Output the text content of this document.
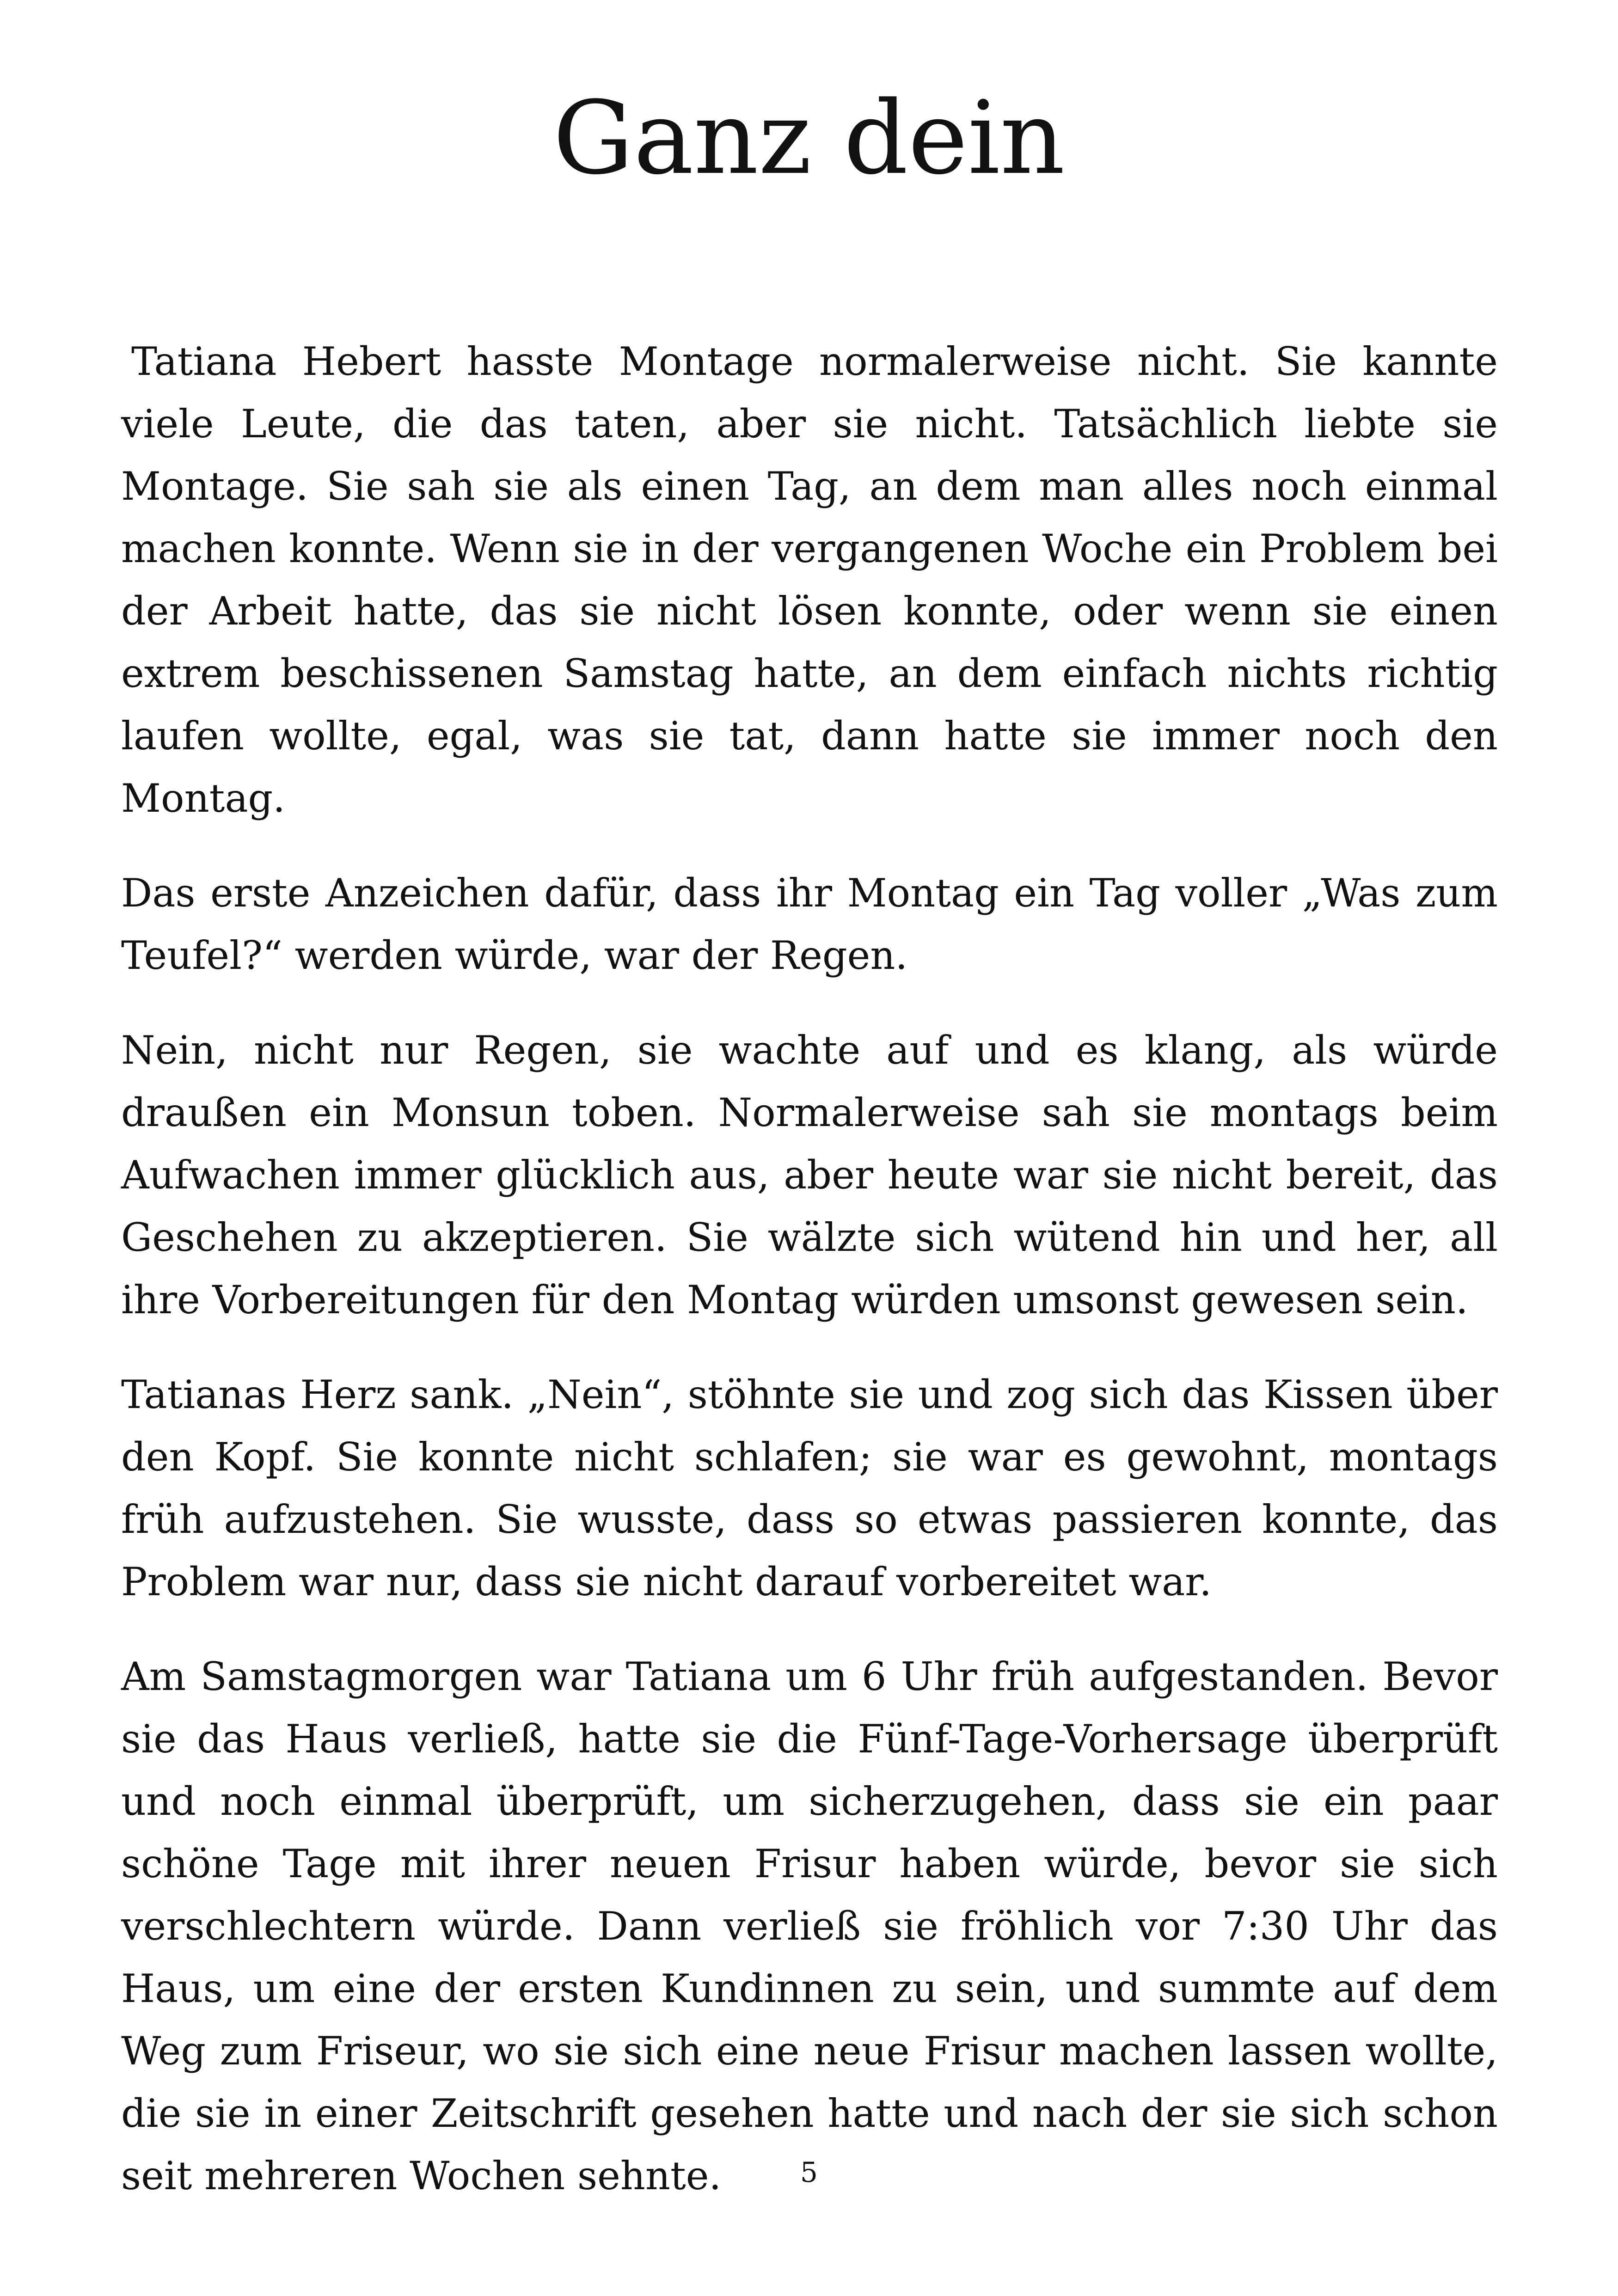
Ganz dein

Tatiana Hebert hasste Montage normalerweise nicht. Sie kannte viele Leute, die das taten, aber sie nicht. Tatsächlich liebte sie Montage. Sie sah sie als einen Tag, an dem man alles noch einmal machen konnte. Wenn sie in der vergangenen Woche ein Problem bei der Arbeit hatte, das sie nicht lösen konnte, oder wenn sie einen extrem beschissenen Samstag hatte, an dem einfach nichts richtig laufen wollte, egal, was sie tat, dann hatte sie immer noch den Montag.

Das erste Anzeichen dafür, dass ihr Montag ein Tag voller „Was zum Teufel?“ werden würde, war der Regen.

Nein, nicht nur Regen, sie wachte auf und es klang, als würde draußen ein Monsun toben. Normalerweise sah sie montags beim Aufwachen immer glücklich aus, aber heute war sie nicht bereit, das Geschehen zu akzeptieren. Sie wälzte sich wütend hin und her, all ihre Vorbereitungen für den Montag würden umsonst gewesen sein.

Tatianas Herz sank. „Nein“, stöhnte sie und zog sich das Kissen über den Kopf. Sie konnte nicht schlafen; sie war es gewohnt, montags früh aufzustehen. Sie wusste, dass so etwas passieren konnte, das Problem war nur, dass sie nicht darauf vorbereitet war.

Am Samstagmorgen war Tatiana um 6 Uhr früh aufgestanden. Bevor sie das Haus verließ, hatte sie die Fünf-Tage-Vorhersage überprüft und noch einmal überprüft, um sicherzugehen, dass sie ein paar schöne Tage mit ihrer neuen Frisur haben würde, bevor sie sich verschlechtern würde. Dann verließ sie fröhlich vor 7:30 Uhr das Haus, um eine der ersten Kundinnen zu sein, und summte auf dem Weg zum Friseur, wo sie sich eine neue Frisur machen lassen wollte, die sie in einer Zeitschrift gesehen hatte und nach der sie sich schon seit mehreren Wochen sehnte.	5
